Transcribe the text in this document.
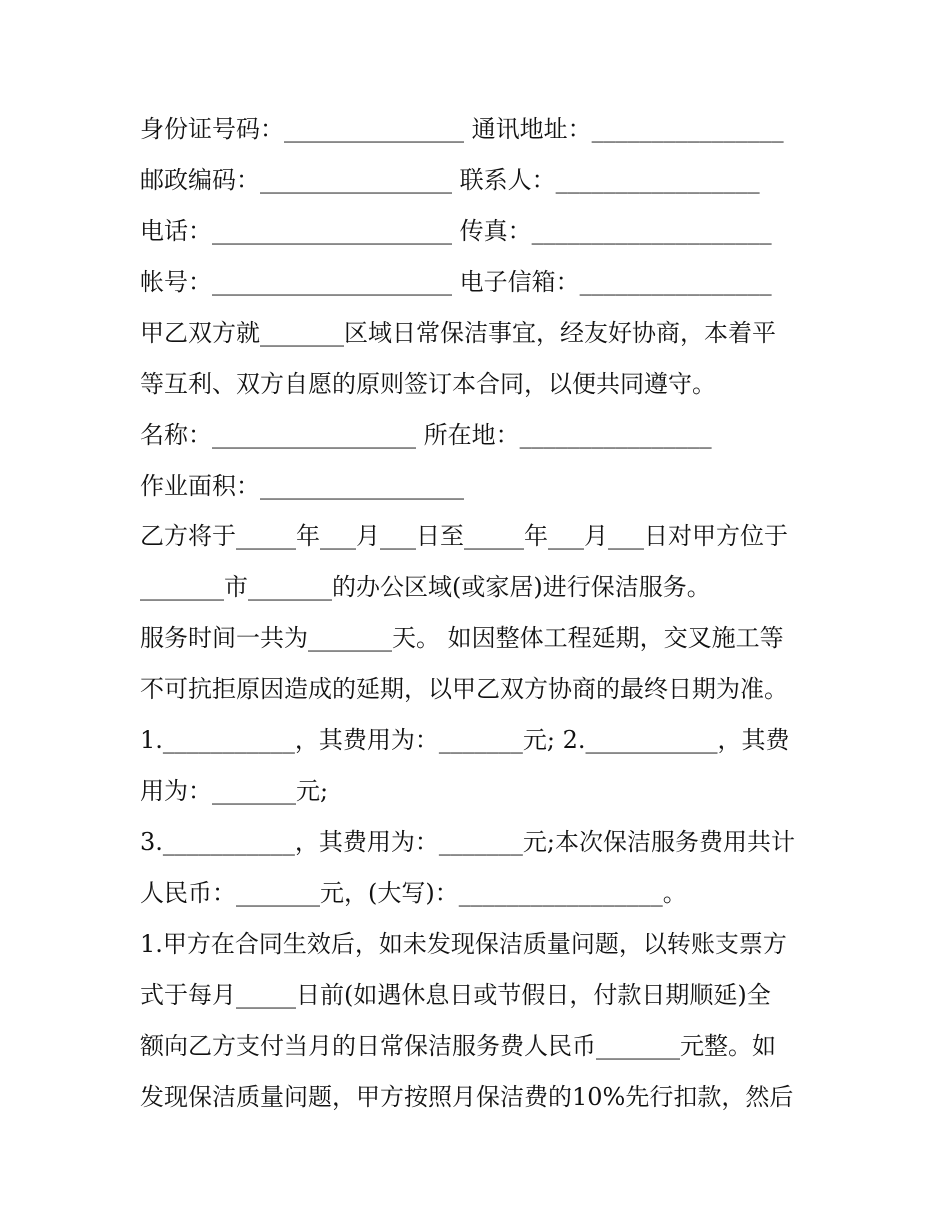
身份证号码：_______________ 通讯地址：________________
邮政编码：________________ 联系人：_________________
电话：____________________ 传真：____________________
帐号：____________________ 电子信箱：________________
甲乙双方就_______区域日常保洁事宜，经友好协商，本着平
等互利、双方自愿的原则签订本合同，以便共同遵守。
名称：_________________ 所在地：________________
作业面积：_________________
乙方将于_____年___月___日至_____年___月___日对甲方位于
_______市_______的办公区域(或家居)进行保洁服务。
服务时间一共为_______天。 如因整体工程延期，交叉施工等
不可抗拒原因造成的延期，以甲乙双方协商的最终日期为准。
1.___________，其费用为：_______元; 2.___________，其费
用为：_______元;
3.___________，其费用为：_______元;本次保洁服务费用共计
人民币：_______元，(大写)：_________________。
1.甲方在合同生效后，如未发现保洁质量问题，以转账支票方
式于每月_____日前(如遇休息日或节假日，付款日期顺延)全
额向乙方支付当月的日常保洁服务费人民币_______元整。如
发现保洁质量问题，甲方按照月保洁费的10%先行扣款，然后
